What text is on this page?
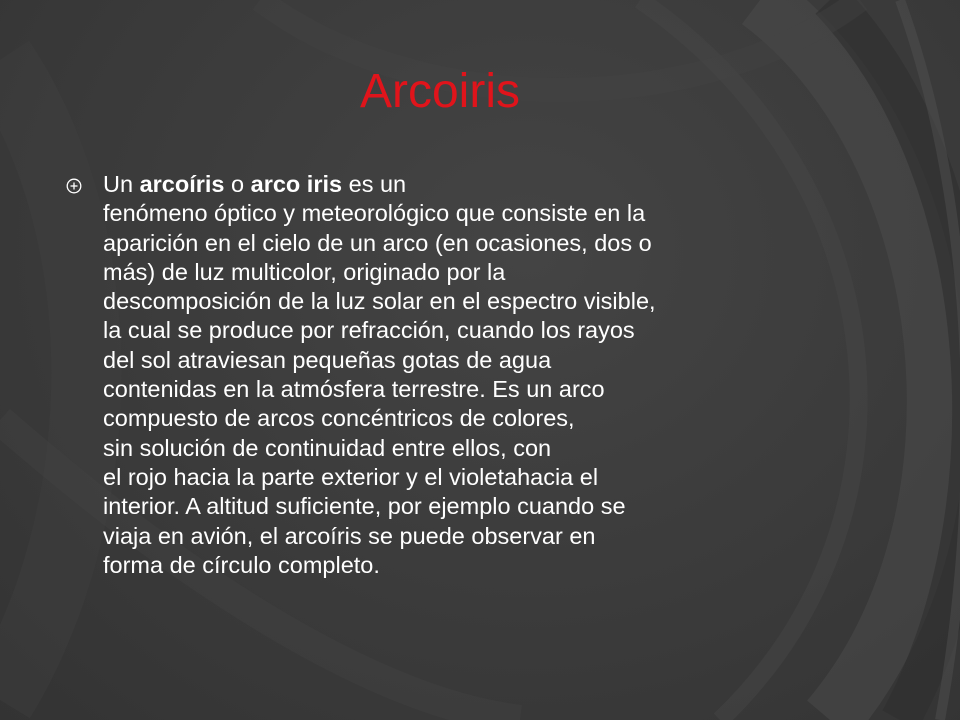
Arcoiris
Un arcoíris o arco iris es un
fenómeno óptico y meteorológico que consiste en la
aparición en el cielo de un arco (en ocasiones, dos o
más) de luz multicolor, originado por la
descomposición de la luz solar en el espectro visible,
la cual se produce por refracción, cuando los rayos
del sol atraviesan pequeñas gotas de agua
contenidas en la atmósfera terrestre. Es un arco
compuesto de arcos concéntricos de colores,
sin solución de continuidad entre ellos, con
el rojo hacia la parte exterior y el violetahacia el
interior. A altitud suficiente, por ejemplo cuando se
viaja en avión, el arcoíris se puede observar en
forma de círculo completo.
